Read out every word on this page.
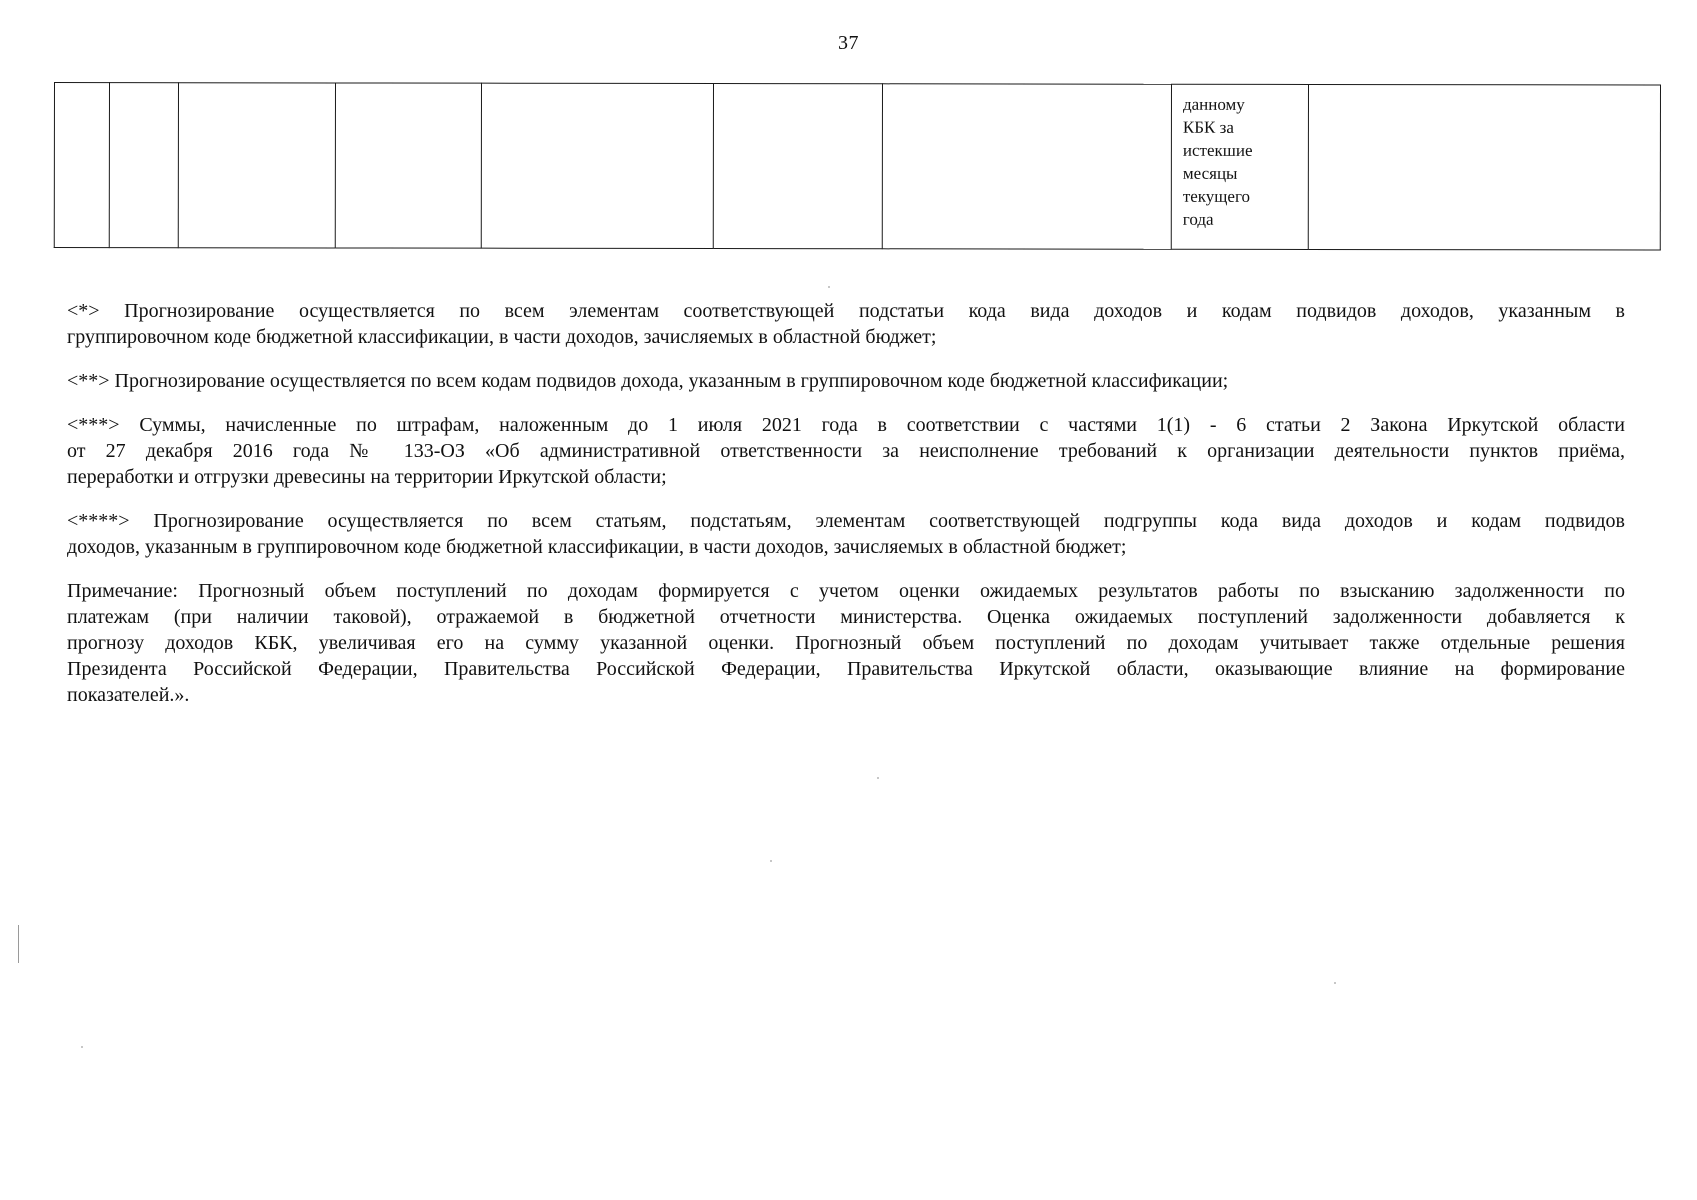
37

данному
КБК за
истекшие
месяцы
текущего
года

<*> Прогнозирование осуществляется по всем элементам соответствующей подстатьи кода вида доходов и кодам подвидов доходов, указанным в
группировочном коде бюджетной классификации, в части доходов, зачисляемых в областной бюджет;

<**> Прогнозирование осуществляется по всем кодам подвидов дохода, указанным в группировочном коде бюджетной классификации;

<***> Суммы, начисленные по штрафам, наложенным до 1 июля 2021 года в соответствии с частями 1(1) - 6 статьи 2 Закона Иркутской области
от 27 декабря 2016 года № 133-ОЗ «Об административной ответственности за неисполнение требований к организации деятельности пунктов приёма,
переработки и отгрузки древесины на территории Иркутской области;

<****> Прогнозирование осуществляется по всем статьям, подстатьям, элементам соответствующей подгруппы кода вида доходов и кодам подвидов
доходов, указанным в группировочном коде бюджетной классификации, в части доходов, зачисляемых в областной бюджет;

Примечание: Прогнозный объем поступлений по доходам формируется с учетом оценки ожидаемых результатов работы по взысканию задолженности по
платежам (при наличии таковой), отражаемой в бюджетной отчетности министерства. Оценка ожидаемых поступлений задолженности добавляется к
прогнозу доходов КБК, увеличивая его на сумму указанной оценки. Прогнозный объем поступлений по доходам учитывает также отдельные решения
Президента Российской Федерации, Правительства Российской Федерации, Правительства Иркутской области, оказывающие влияние на формирование
показателей.».
